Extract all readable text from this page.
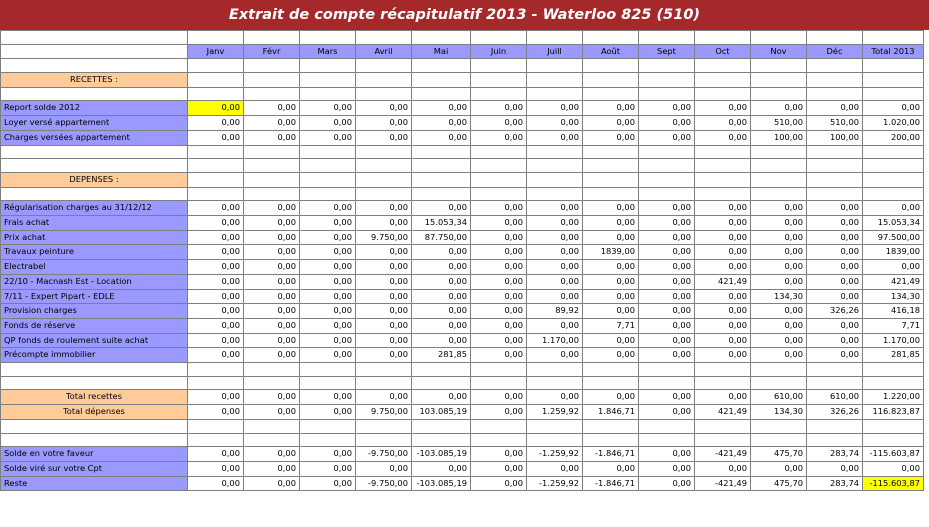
Extrait de compte récapitulatif 2013 - Waterloo 825 (510)

	Janv	Févr	Mars	Avril	Mai	Juin	Juill	Août	Sept	Oct	Nov	Déc	Total 2013

RECETTES :													

Report solde 2012	0,00	0,00	0,00	0,00	0,00	0,00	0,00	0,00	0,00	0,00	0,00	0,00	0,00
Loyer versé appartement	0,00	0,00	0,00	0,00	0,00	0,00	0,00	0,00	0,00	0,00	510,00	510,00	1.020,00
Charges versées appartement	0,00	0,00	0,00	0,00	0,00	0,00	0,00	0,00	0,00	0,00	100,00	100,00	200,00

DEPENSES :													

Régularisation charges au 31/12/12	0,00	0,00	0,00	0,00	0,00	0,00	0,00	0,00	0,00	0,00	0,00	0,00	0,00
Frais achat	0,00	0,00	0,00	0,00	15.053,34	0,00	0,00	0,00	0,00	0,00	0,00	0,00	15.053,34
Prix achat	0,00	0,00	0,00	9.750,00	87.750,00	0,00	0,00	0,00	0,00	0,00	0,00	0,00	97.500,00
Travaux peinture	0,00	0,00	0,00	0,00	0,00	0,00	0,00	1839,00	0,00	0,00	0,00	0,00	1839,00
Electrabel	0,00	0,00	0,00	0,00	0,00	0,00	0,00	0,00	0,00	0,00	0,00	0,00	0,00
22/10 - Macnash Est - Location	0,00	0,00	0,00	0,00	0,00	0,00	0,00	0,00	0,00	421,49	0,00	0,00	421,49
7/11 - Expert Pipart - EDLE	0,00	0,00	0,00	0,00	0,00	0,00	0,00	0,00	0,00	0,00	134,30	0,00	134,30
Provision charges	0,00	0,00	0,00	0,00	0,00	0,00	89,92	0,00	0,00	0,00	0,00	326,26	416,18
Fonds de réserve	0,00	0,00	0,00	0,00	0,00	0,00	0,00	7,71	0,00	0,00	0,00	0,00	7,71
QP fonds de roulement suite achat	0,00	0,00	0,00	0,00	0,00	0,00	1.170,00	0,00	0,00	0,00	0,00	0,00	1.170,00
Précompte immobilier	0,00	0,00	0,00	0,00	281,85	0,00	0,00	0,00	0,00	0,00	0,00	0,00	281,85

Total recettes	0,00	0,00	0,00	0,00	0,00	0,00	0,00	0,00	0,00	0,00	610,00	610,00	1.220,00
Total dépenses	0,00	0,00	0,00	9.750,00	103.085,19	0,00	1.259,92	1.846,71	0,00	421,49	134,30	326,26	116.823,87

Solde en votre faveur	0,00	0,00	0,00	-9.750,00	-103.085,19	0,00	-1.259,92	-1.846,71	0,00	-421,49	475,70	283,74	-115.603,87
Solde viré sur votre Cpt	0,00	0,00	0,00	0,00	0,00	0,00	0,00	0,00	0,00	0,00	0,00	0,00	0,00
Reste	0,00	0,00	0,00	-9.750,00	-103.085,19	0,00	-1.259,92	-1.846,71	0,00	-421,49	475,70	283,74	-115.603,87
